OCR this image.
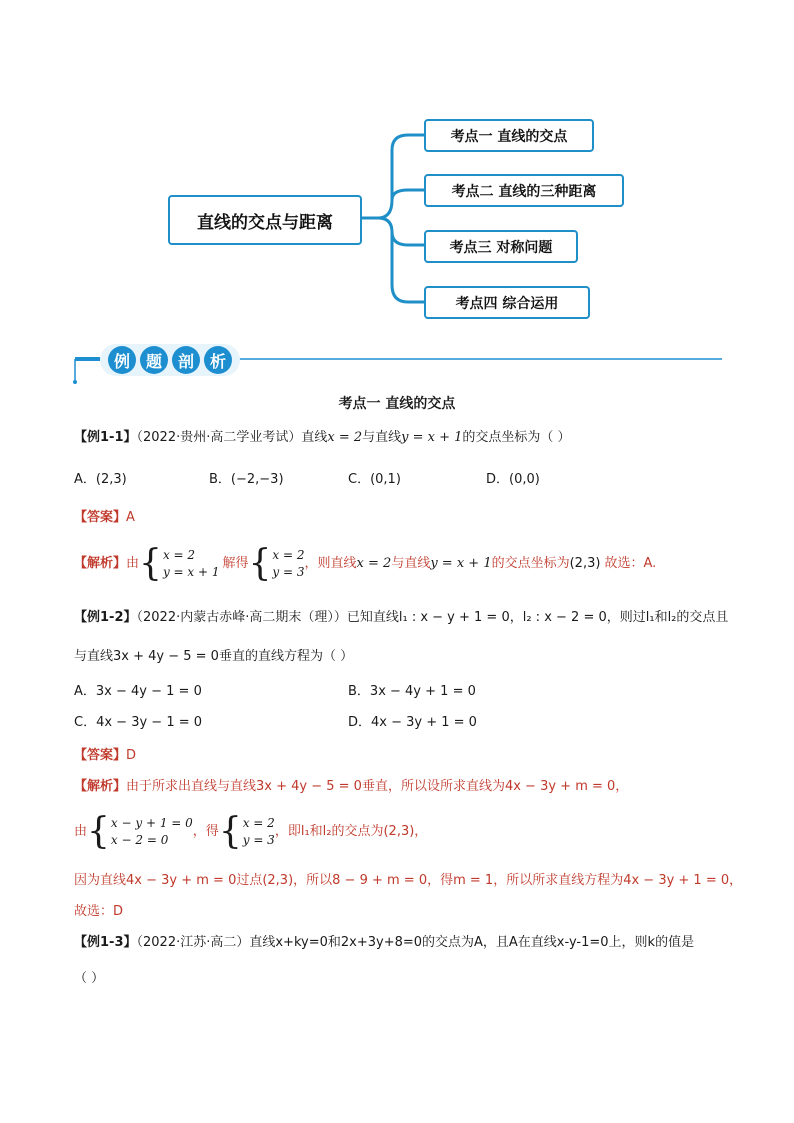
直线的交点与距离
考点一 直线的交点
考点二 直线的三种距离
考点三 对称问题
考点四 综合运用
例 题 剖 析
考点一 直线的交点
【例1-1】（2022·贵州·高二学业考试）直线x = 2与直线y = x + 1的交点坐标为（ ）
A．(2,3)	B．(−2,−3)	C．(0,1)	D．(0,0)
【答案】A
【解析】 由 { x = 2
y = x + 1
解得 { x = 2
y = 3
，则直线 x = 2 与直线 y = x + 1 的交点坐标为 (2,3) 故选：A.
【例1-2】（2022·内蒙古赤峰·高二期末（理））已知直线l₁ : x − y + 1 = 0，l₂ : x − 2 = 0，则过l₁和l₂的交点且
与直线3x + 4y − 5 = 0垂直的直线方程为（ ）
A．3x − 4y − 1 = 0	B．3x − 4y + 1 = 0
C．4x − 3y − 1 = 0	D．4x − 3y + 1 = 0
【答案】D
【解析】由于所求出直线与直线3x + 4y − 5 = 0垂直，所以设所求直线为4x − 3y + m = 0，
由 { x − y + 1 = 0
x − 2 = 0
，得 { x = 2
y = 3
，即l₁和l₂的交点为(2,3)，
因为直线4x − 3y + m = 0过点(2,3)，所以8 − 9 + m = 0，得m = 1，所以所求直线方程为4x − 3y + 1 = 0，
故选：D
【例1-3】（2022·江苏·高二）直线x+ky=0和2x+3y+8=0的交点为A，且A在直线x-y-1=0上，则k的值是
（ ）
